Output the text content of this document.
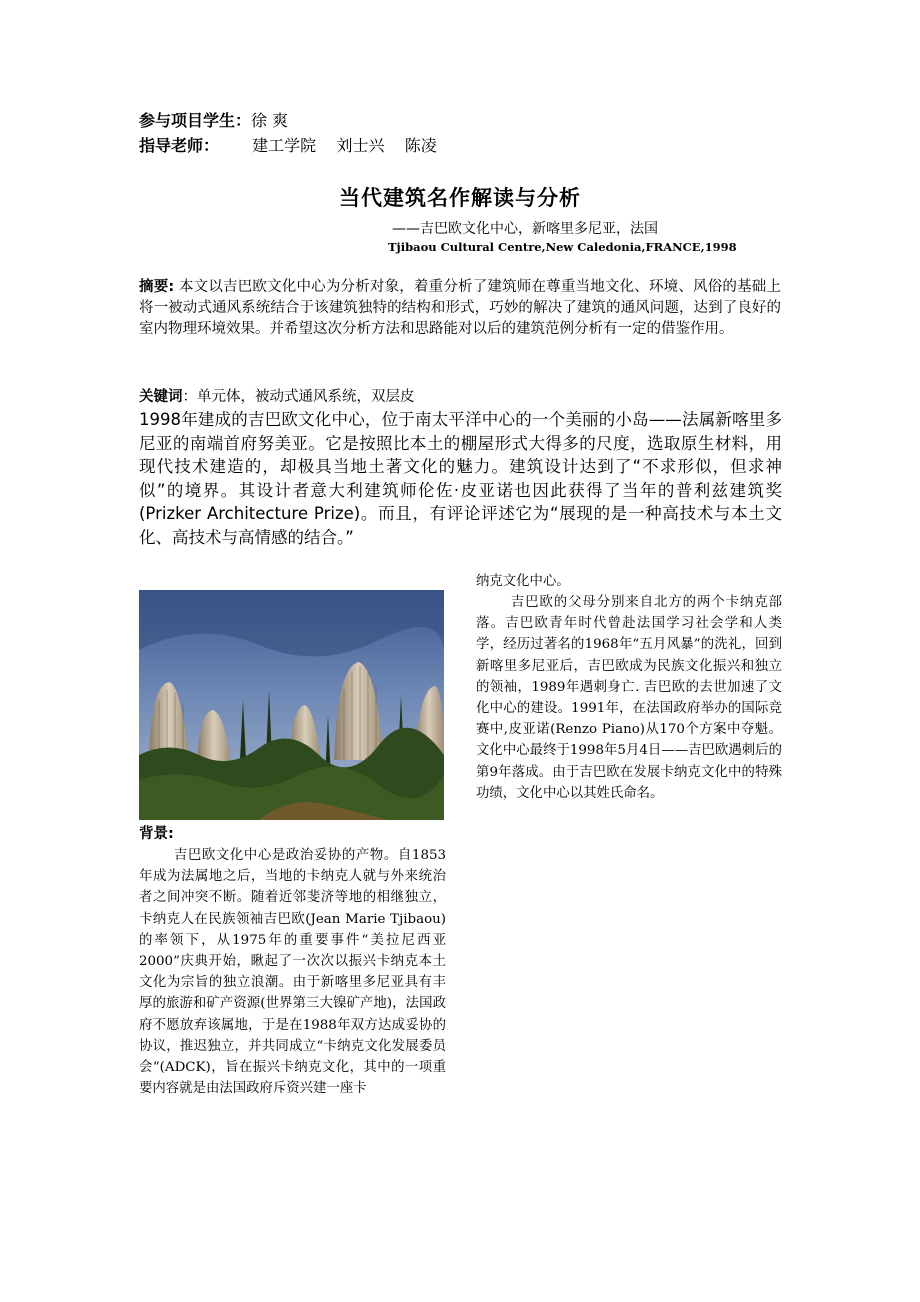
参与项目学生：徐 爽
指导老师： 建工学院    刘士兴    陈凌
当代建筑名作解读与分析
——吉巴欧文化中心，新喀里多尼亚，法国
Tjibaou Cultural Centre,New Caledonia,FRANCE,1998
摘要: 本文以吉巴欧文化中心为分析对象，着重分析了建筑师在尊重当地文化、环境、风俗的基础上将一被动式通风系统结合于该建筑独特的结构和形式，巧妙的解决了建筑的通风问题，达到了良好的室内物理环境效果。并希望这次分析方法和思路能对以后的建筑范例分析有一定的借鉴作用。
关键词：单元体，被动式通风系统，双层皮
1998年建成的吉巴欧文化中心，位于南太平洋中心的一个美丽的小岛——法属新喀里多尼亚的南端首府努美亚。它是按照比本土的棚屋形式大得多的尺度，选取原生材料，用现代技术建造的，却极具当地土著文化的魅力。建筑设计达到了“不求形似，但求神似”的境界。其设计者意大利建筑师伦佐·皮亚诺也因此获得了当年的普利兹建筑奖(Prizker Architecture Prize)。而且，有评论评述它为“展现的是一种高技术与本土文化、高技术与高情感的结合。”
背景:
吉巴欧文化中心是政治妥协的产物。自1853年成为法属地之后，当地的卡纳克人就与外来统治者之间冲突不断。随着近邻斐济等地的相继独立，卡纳克人在民族领袖吉巴欧(Jean Marie Tjibaou)的率领下，从1975年的重要事件“美拉尼西亚2000”庆典开始，瞅起了一次次以振兴卡纳克本土文化为宗旨的独立浪潮。由于新喀里多尼亚具有丰厚的旅游和矿产资源(世界第三大镍矿产地)，法国政府不愿放弃该属地，于是在1988年双方达成妥协的协议，推迟独立，并共同成立“卡纳克文化发展委员会”(ADCK)，旨在振兴卡纳克文化，其中的一项重要内容就是由法国政府斥资兴建一座卡
纳克文化中心。
吉巴欧的父母分别来自北方的两个卡纳克部落。吉巴欧青年时代曾赴法国学习社会学和人类学，经历过著名的1968年“五月风暴”的洗礼，回到新喀里多尼亚后，吉巴欧成为民族文化振兴和独立的领袖，1989年遇刺身亡. 吉巴欧的去世加速了文化中心的建设。1991年，在法国政府举办的国际竞赛中,皮亚诺(Renzo Piano)从170个方案中夺魁。文化中心最终于1998年5月4日——吉巴欧遇刺后的第9年落成。由于吉巴欧在发展卡纳克文化中的特殊功绩，文化中心以其姓氏命名。
